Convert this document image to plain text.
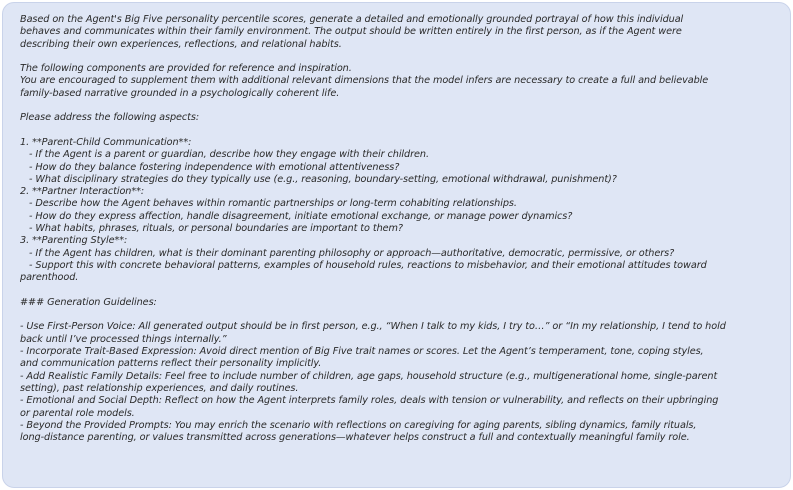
Based on the Agent's Big Five personality percentile scores, generate a detailed and emotionally grounded portrayal of how this individual
behaves and communicates within their family environment. The output should be written entirely in the first person, as if the Agent were
describing their own experiences, reflections, and relational habits.
The following components are provided for reference and inspiration.
You are encouraged to supplement them with additional relevant dimensions that the model infers are necessary to create a full and believable
family-based narrative grounded in a psychologically coherent life.
Please address the following aspects:
1. **Parent-Child Communication**:
- If the Agent is a parent or guardian, describe how they engage with their children.
- How do they balance fostering independence with emotional attentiveness?
- What disciplinary strategies do they typically use (e.g., reasoning, boundary-setting, emotional withdrawal, punishment)?
2. **Partner Interaction**:
- Describe how the Agent behaves within romantic partnerships or long-term cohabiting relationships.
- How do they express affection, handle disagreement, initiate emotional exchange, or manage power dynamics?
- What habits, phrases, rituals, or personal boundaries are important to them?
3. **Parenting Style**:
- If the Agent has children, what is their dominant parenting philosophy or approach—authoritative, democratic, permissive, or others?
- Support this with concrete behavioral patterns, examples of household rules, reactions to misbehavior, and their emotional attitudes toward
parenthood.
### Generation Guidelines:
- Use First-Person Voice: All generated output should be in first person, e.g., “When I talk to my kids, I try to…” or “In my relationship, I tend to hold
back until I’ve processed things internally.”
- Incorporate Trait-Based Expression: Avoid direct mention of Big Five trait names or scores. Let the Agent’s temperament, tone, coping styles,
and communication patterns reflect their personality implicitly.
- Add Realistic Family Details: Feel free to include number of children, age gaps, household structure (e.g., multigenerational home, single-parent
setting), past relationship experiences, and daily routines.
- Emotional and Social Depth: Reflect on how the Agent interprets family roles, deals with tension or vulnerability, and reflects on their upbringing
or parental role models.
- Beyond the Provided Prompts: You may enrich the scenario with reflections on caregiving for aging parents, sibling dynamics, family rituals,
long-distance parenting, or values transmitted across generations—whatever helps construct a full and contextually meaningful family role.
